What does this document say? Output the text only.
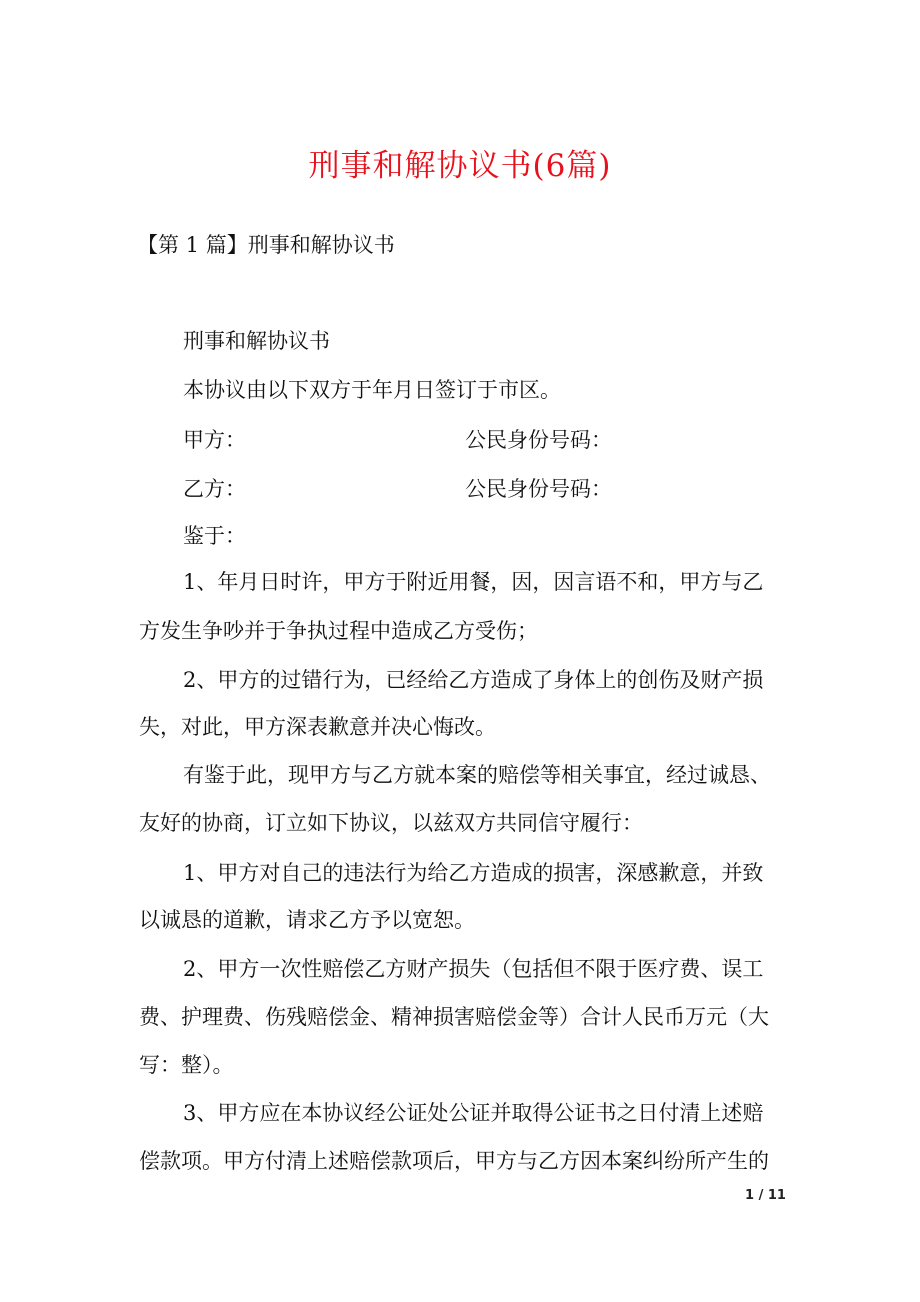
刑事和解协议书(6篇)
【第 1 篇】刑事和解协议书
刑事和解协议书
本协议由以下双方于年月日签订于市区。
甲方：	公民身份号码：
乙方：	公民身份号码：
鉴于：
1、年月日时许，甲方于附近用餐，因，因言语不和，甲方与乙
方发生争吵并于争执过程中造成乙方受伤；
2、甲方的过错行为，已经给乙方造成了身体上的创伤及财产损
失，对此，甲方深表歉意并决心悔改。
有鉴于此，现甲方与乙方就本案的赔偿等相关事宜，经过诚恳、
友好的协商，订立如下协议，以兹双方共同信守履行：
1、甲方对自己的违法行为给乙方造成的损害，深感歉意，并致
以诚恳的道歉，请求乙方予以宽恕。
2、甲方一次性赔偿乙方财产损失（包括但不限于医疗费、误工
费、护理费、伤残赔偿金、精神损害赔偿金等）合计人民币万元（大
写：整）。
3、甲方应在本协议经公证处公证并取得公证书之日付清上述赔
偿款项。甲方付清上述赔偿款项后，甲方与乙方因本案纠纷所产生的
1 / 11
